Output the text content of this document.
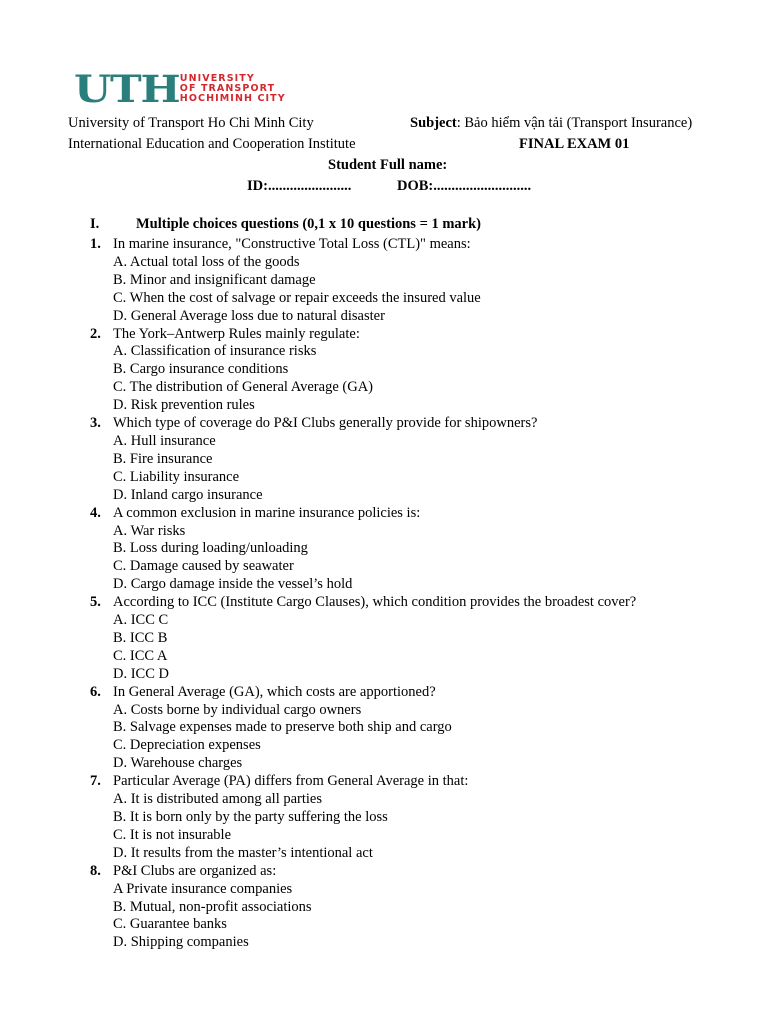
UTH UNIVERSITY
OF TRANSPORT
HOCHIMINH CITY
University of Transport Ho Chi Minh City	Subject: Bảo hiểm vận tải (Transport Insurance)
International Education and Cooperation Institute	FINAL EXAM 01
Student Full name:
ID:.......................	DOB:...........................
I.	Multiple choices questions (0,1 x 10 questions = 1 mark)
1. In marine insurance, "Constructive Total Loss (CTL)" means:
A. Actual total loss of the goods
B. Minor and insignificant damage
C. When the cost of salvage or repair exceeds the insured value
D. General Average loss due to natural disaster
2. The York–Antwerp Rules mainly regulate:
A. Classification of insurance risks
B. Cargo insurance conditions
C. The distribution of General Average (GA)
D. Risk prevention rules
3. Which type of coverage do P&I Clubs generally provide for shipowners?
A. Hull insurance
B. Fire insurance
C. Liability insurance
D. Inland cargo insurance
4. A common exclusion in marine insurance policies is:
A. War risks
B. Loss during loading/unloading
C. Damage caused by seawater
D. Cargo damage inside the vessel’s hold
5. According to ICC (Institute Cargo Clauses), which condition provides the broadest cover?
A. ICC C
B. ICC B
C. ICC A
D. ICC D
6. In General Average (GA), which costs are apportioned?
A. Costs borne by individual cargo owners
B. Salvage expenses made to preserve both ship and cargo
C. Depreciation expenses
D. Warehouse charges
7. Particular Average (PA) differs from General Average in that:
A. It is distributed among all parties
B. It is born only by the party suffering the loss
C. It is not insurable
D. It results from the master’s intentional act
8. P&I Clubs are organized as:
A Private insurance companies
B. Mutual, non-profit associations
C. Guarantee banks
D. Shipping companies
